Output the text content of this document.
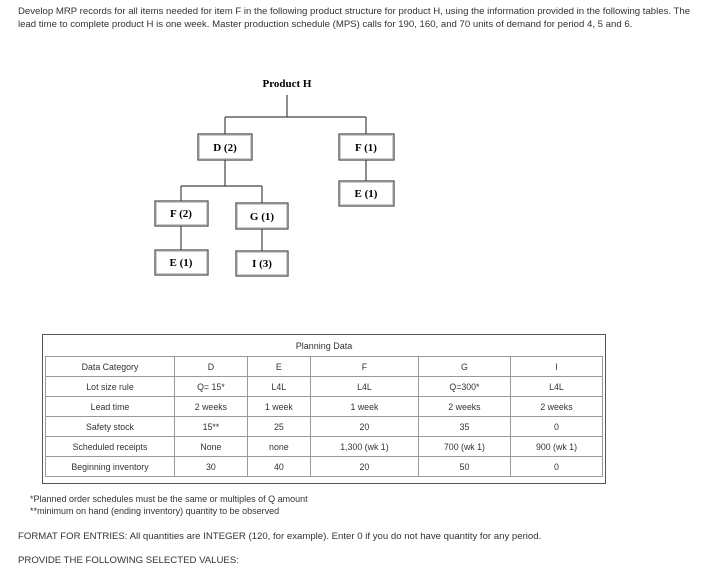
Develop MRP records for all items needed for item F in the following product structure for product H, using the information provided in the following tables. The lead time to complete product H is one week. Master production schedule (MPS) calls for 190, 160, and 70 units of demand for period 4, 5 and 6.
Product H
D (2)	F (1)
E (1)
F (2)	G (1)
E (1)	I (3)
Planning Data
Data Category	D	E	F	G	I
Lot size rule	Q= 15*	L4L	L4L	Q=300*	L4L
Lead time	2 weeks	1 week	1 week	2 weeks	2 weeks
Safety stock	15**	25	20	35	0
Scheduled receipts	None	none	1,300 (wk 1)	700 (wk 1)	900 (wk 1)
Beginning inventory	30	40	20	50	0
*Planned order schedules must be the same or multiples of Q amount
**minimum on hand (ending inventory) quantity to be observed
FORMAT FOR ENTRIES: All quantities are INTEGER (120, for example). Enter 0 if you do not have quantity for any period.
PROVIDE THE FOLLOWING SELECTED VALUES:
